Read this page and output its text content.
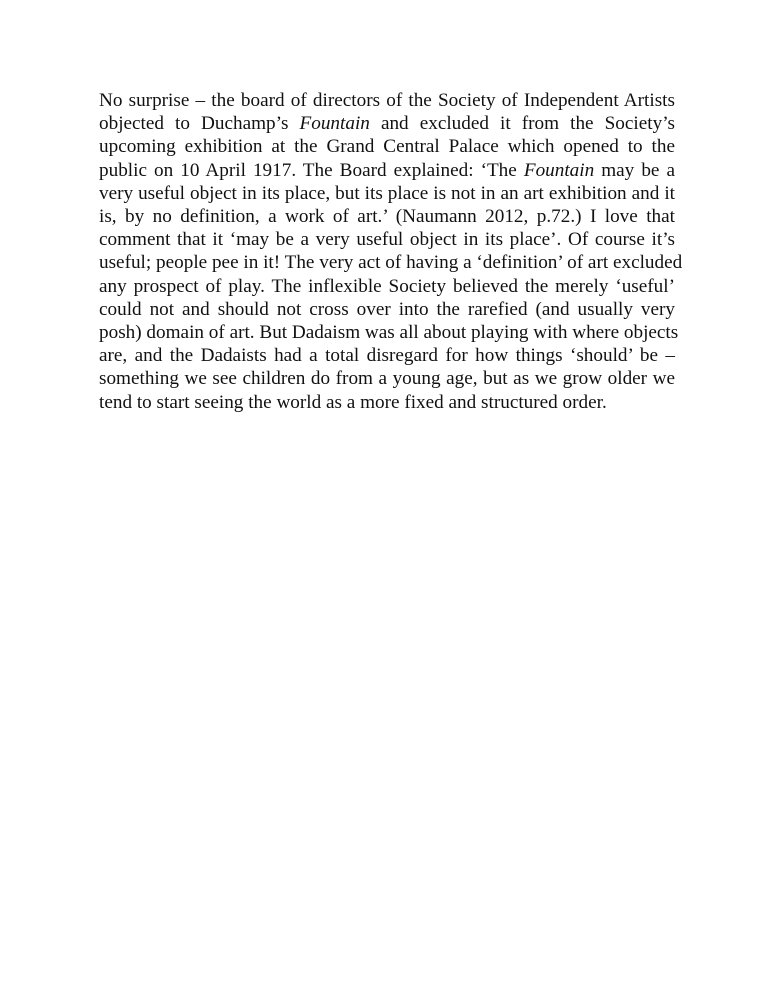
No surprise – the board of directors of the Society of Independent Artists
objected to Duchamp’s Fountain and excluded it from the Society’s
upcoming exhibition at the Grand Central Palace which opened to the
public on 10 April 1917. The Board explained: ‘The Fountain may be a
very useful object in its place, but its place is not in an art exhibition and it
is, by no definition, a work of art.’ (Naumann 2012, p.72.) I love that
comment that it ‘may be a very useful object in its place’. Of course it’s
useful; people pee in it! The very act of having a ‘definition’ of art excluded
any prospect of play. The inflexible Society believed the merely ‘useful’
could not and should not cross over into the rarefied (and usually very
posh) domain of art. But Dadaism was all about playing with where objects
are, and the Dadaists had a total disregard for how things ‘should’ be –
something we see children do from a young age, but as we grow older we
tend to start seeing the world as a more fixed and structured order.
